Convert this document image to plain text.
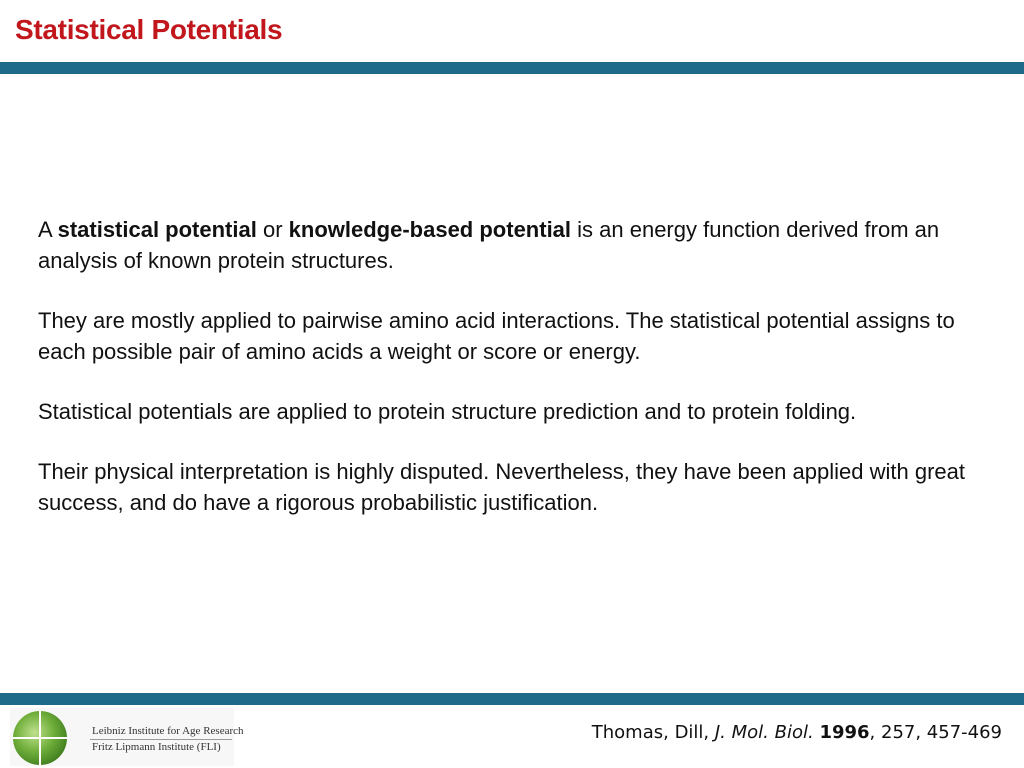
Statistical Potentials

A statistical potential or knowledge-based potential is an energy function derived from an analysis of known protein structures.

They are mostly applied to pairwise amino acid interactions. The statistical potential assigns to each possible pair of amino acids a weight or score or energy.

Statistical potentials are applied to protein structure prediction and to protein folding.

Their physical interpretation is highly disputed. Nevertheless, they have been applied with great success, and do have a rigorous probabilistic justification.

Leibniz Institute for Age Research
Fritz Lipmann Institute (FLI)
Thomas, Dill, J. Mol. Biol. 1996, 257, 457-469
